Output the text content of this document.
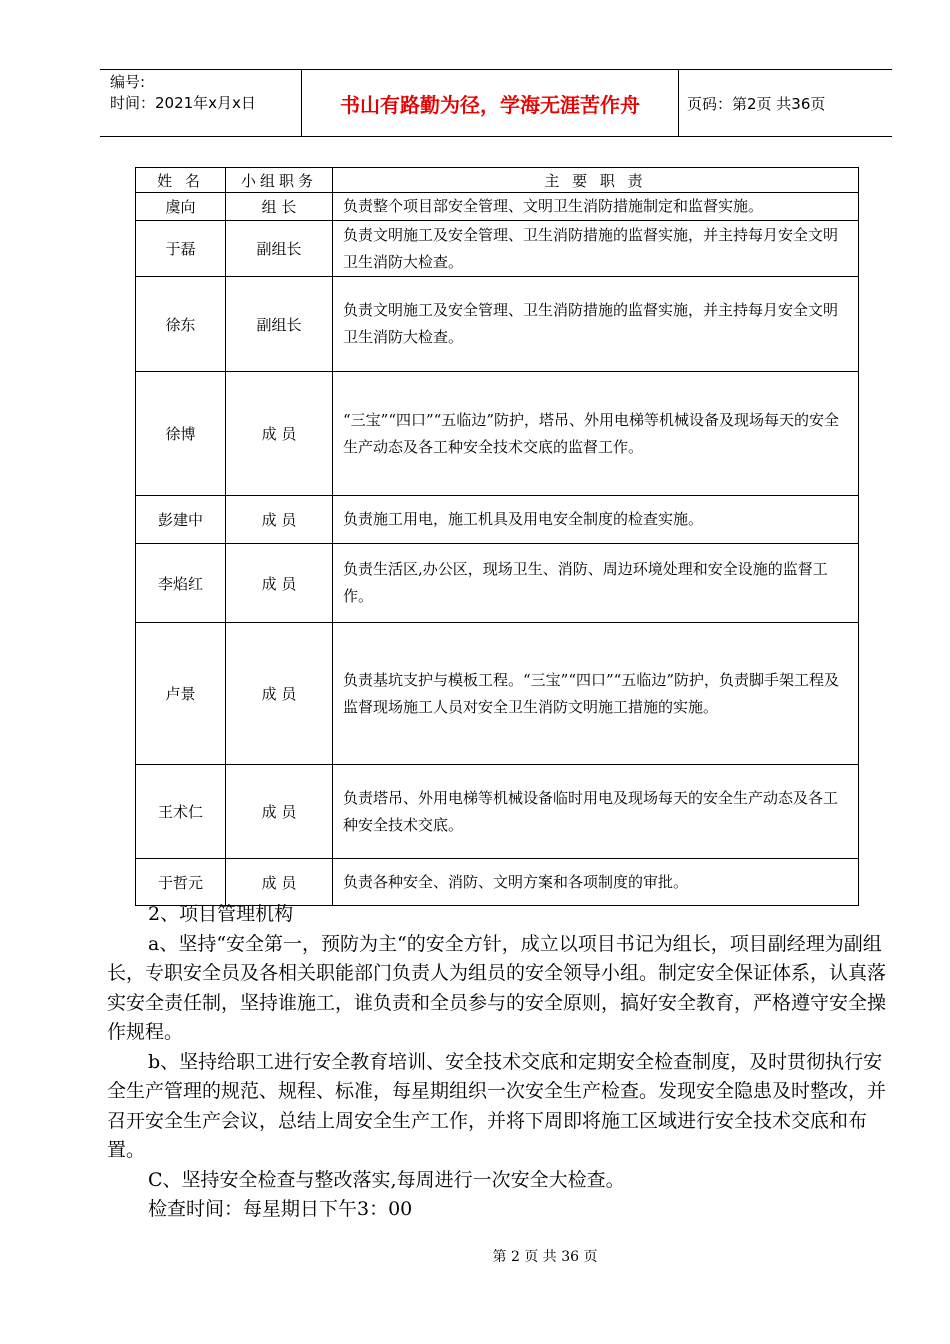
编号:
时间：2021年x月x日	书山有路勤为径，学海无涯苦作舟	页码：第2页 共36页
姓 名	小组职务	主 要 职 责
虞向	组 长	负责整个项目部安全管理、文明卫生消防措施制定和监督实施。
于磊	副组长	负责文明施工及安全管理、卫生消防措施的监督实施，并主持每月安全文明卫生消防大检查。
徐东	副组长	负责文明施工及安全管理、卫生消防措施的监督实施，并主持每月安全文明卫生消防大检查。
徐博	成 员	“三宝”“四口”“五临边”防护，塔吊、外用电梯等机械设备及现场每天的安全生产动态及各工种安全技术交底的监督工作。
彭建中	成 员	负责施工用电，施工机具及用电安全制度的检查实施。
李焰红	成 员	负责生活区,办公区，现场卫生、消防、周边环境处理和安全设施的监督工作。
卢景	成 员	负责基坑支护与模板工程。“三宝”“四口”“五临边”防护，负责脚手架工程及监督现场施工人员对安全卫生消防文明施工措施的实施。
王术仁	成 员	负责塔吊、外用电梯等机械设备临时用电及现场每天的安全生产动态及各工种安全技术交底。
于哲元	成 员	负责各种安全、消防、文明方案和各项制度的审批。

2、项目管理机构

a、坚持“安全第一，预防为主“的安全方针，成立以项目书记为组长，项目副经理为副组长，专职安全员及各相关职能部门负责人为组员的安全领导小组。制定安全保证体系，认真落实安全责任制，坚持谁施工，谁负责和全员参与的安全原则，搞好安全教育，严格遵守安全操作规程。

b、坚持给职工进行安全教育培训、安全技术交底和定期安全检查制度，及时贯彻执行安全生产管理的规范、规程、标准，每星期组织一次安全生产检查。发现安全隐患及时整改，并召开安全生产会议，总结上周安全生产工作，并将下周即将施工区域进行安全技术交底和布置。

C、坚持安全检查与整改落实,每周进行一次安全大检查。

检查时间：每星期日下午3：00

第 2 页 共 36 页
